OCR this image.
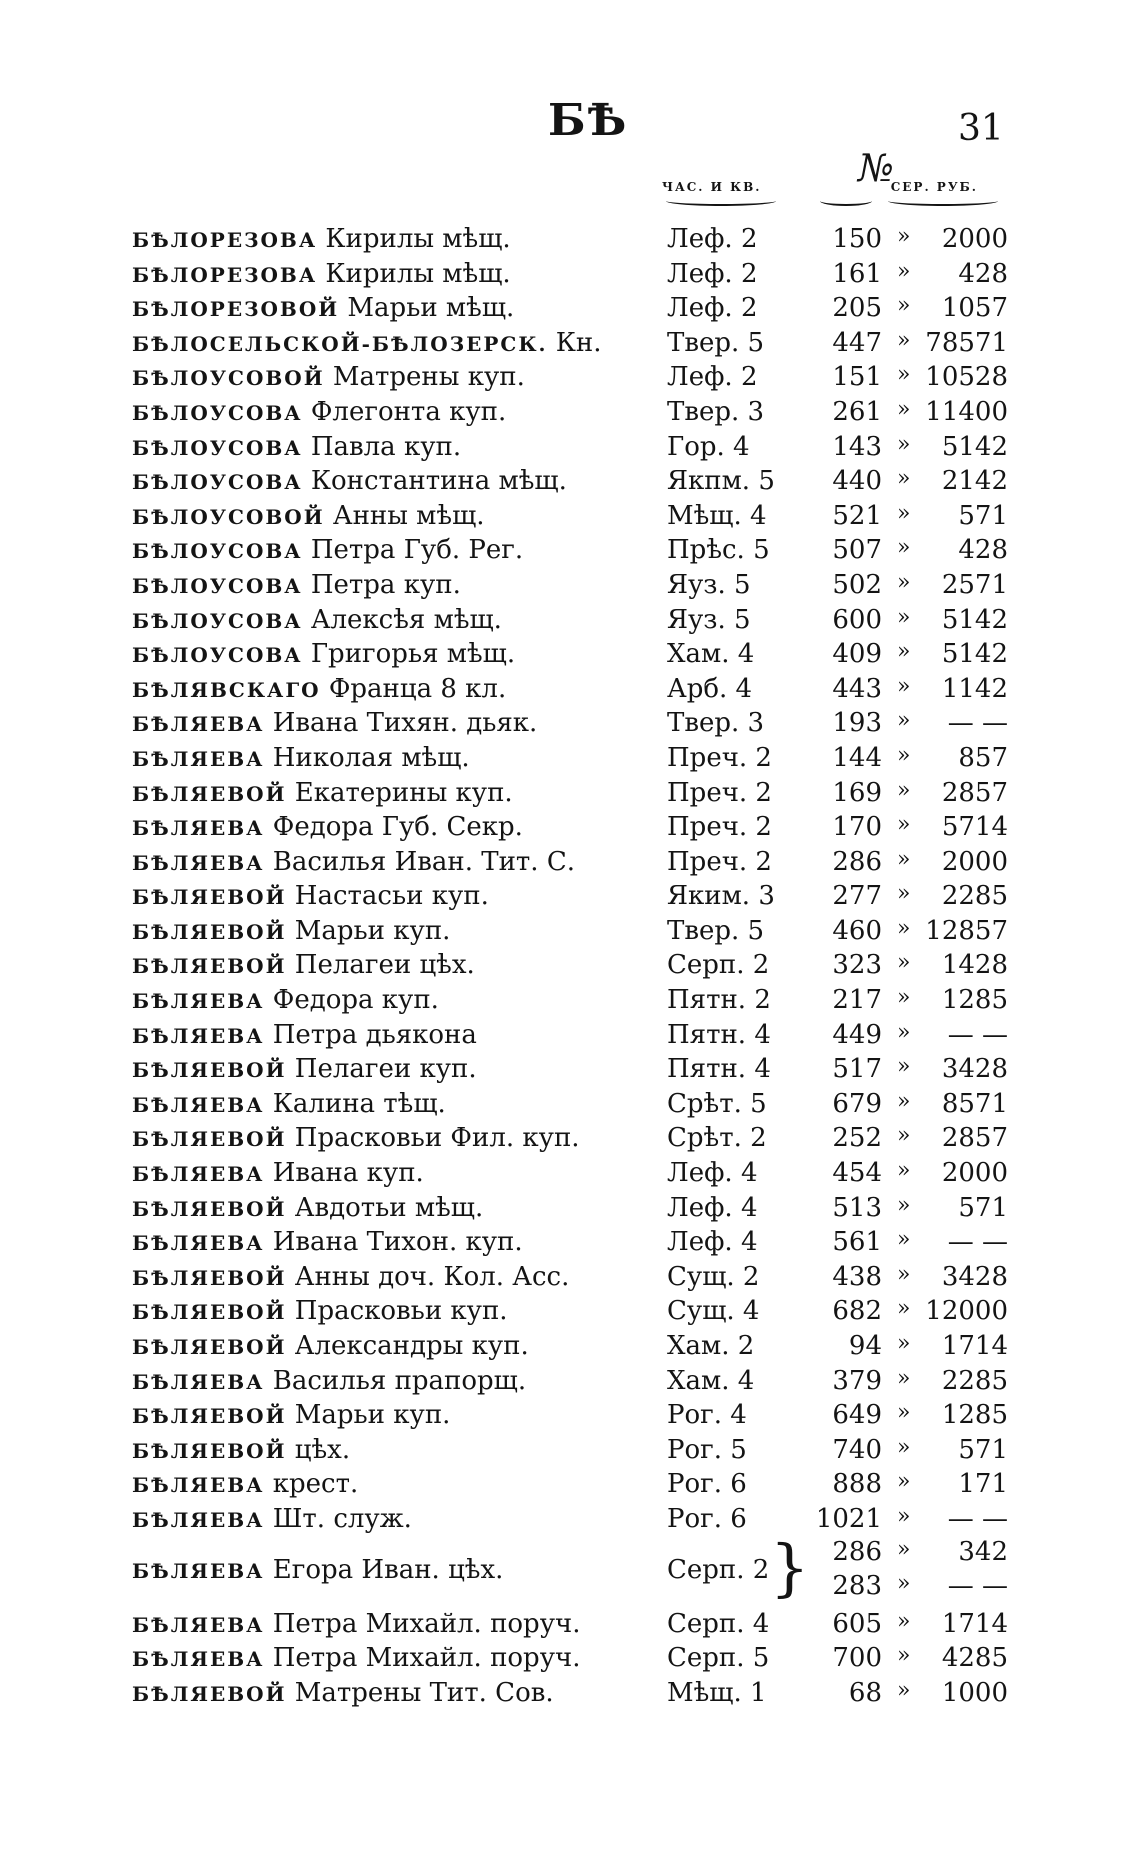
БѢ	31
ЧАС. И КВ.	№
СЕР. РУБ.
БѢЛОРЕЗОВА Кирилы мѣщ.	Леф. 2	150 »	2000
БѢЛОРЕЗОВА Кирилы мѣщ.	Леф. 2	161 »	428
БѢЛОРЕЗОВОЙ Марьи мѣщ.	Леф. 2	205 »	1057
БѢЛОСЕЛЬСКОЙ-БѢЛОЗЕРСК. Кн.	Твер. 5	447 » 78571
БѢЛОУСОВОЙ Матрены куп.	Леф. 2	151 » 10528
БѢЛОУСОВА Флегонта куп.	Твер. 3	261 » 11400
БѢЛОУСОВА Павла куп.	Гор. 4	143 »	5142
БѢЛОУСОВА Константина мѣщ.	Якпм. 5	440 »	2142
БѢЛОУСОВОЙ Анны мѣщ.	Мѣщ. 4	521 »	571
БѢЛОУСОВА Петра Губ. Рег.	Прѣс. 5	507 »	428
БѢЛОУСОВА Петра куп.	Яуз. 5	502 »	2571
БѢЛОУСОВА Алексѣя мѣщ.	Яуз. 5	600 »	5142
БѢЛОУСОВА Григорья мѣщ.	Хам. 4	409 »	5142
БѢЛЯВСКАГО Франца 8 кл.	Арб. 4	443 »	1142
БѢЛЯЕВА Ивана Тихян. дьяк.	Твер. 3	193 »	— —
БѢЛЯЕВА Николая мѣщ.	Преч. 2	144 »	857
БѢЛЯЕВОЙ Екатерины куп.	Преч. 2	169 »	2857
БѢЛЯЕВА Федора Губ. Секр.	Преч. 2	170 »	5714
БѢЛЯЕВА Василья Иван. Тит. С.	Преч. 2	286 »	2000
БѢЛЯЕВОЙ Настасьи куп.	Яким. 3	277 »	2285
БѢЛЯЕВОЙ Марьи куп.	Твер. 5	460 » 12857
БѢЛЯЕВОЙ Пелагеи цѣх.	Серп. 2	323 »	1428
БѢЛЯЕВА Федора куп.	Пятн. 2	217 »	1285
БѢЛЯЕВА Петра дьякона	Пятн. 4	449 »	— —
БѢЛЯЕВОЙ Пелагеи куп.	Пятн. 4	517 »	3428
БѢЛЯЕВА Калина тѣщ.	Срѣт. 5	679 »	8571
БѢЛЯЕВОЙ Прасковьи Фил. куп.	Срѣт. 2	252 »	2857
БѢЛЯЕВА Ивана куп.	Леф. 4	454 »	2000
БѢЛЯЕВОЙ Авдотьи мѣщ.	Леф. 4	513 »	571
БѢЛЯЕВА Ивана Тихон. куп.	Леф. 4	561 »	— —
БѢЛЯЕВОЙ Анны доч. Кол. Асс.	Сущ. 2	438 »	3428
БѢЛЯЕВОЙ Прасковьи куп.	Сущ. 4	682 » 12000
БѢЛЯЕВОЙ Александры куп.	Хам. 2	94 »	1714
БѢЛЯЕВА Василья прапорщ.	Хам. 4	379 »	2285
БѢЛЯЕВОЙ Марьи куп.	Рог. 4	649 »	1285
БѢЛЯЕВОЙ цѣх.	Рог. 5	740 »	571
БѢЛЯЕВА крест.	Рог. 6	888 »	171
БѢЛЯЕВА Шт. служ.	Рог. 6	1021 »	— —
БѢЛЯЕВА Егора Иван. цѣх.	Серп. 2 } 286 »	342
283 »	— —
БѢЛЯЕВА Петра Михайл. поруч.	Серп. 4	605 »	1714
БѢЛЯЕВА Петра Михайл. поруч.	Серп. 5	700 »	4285
БѢЛЯЕВОЙ Матрены Тит. Сов.	Мѣщ. 1	68 »	1000
